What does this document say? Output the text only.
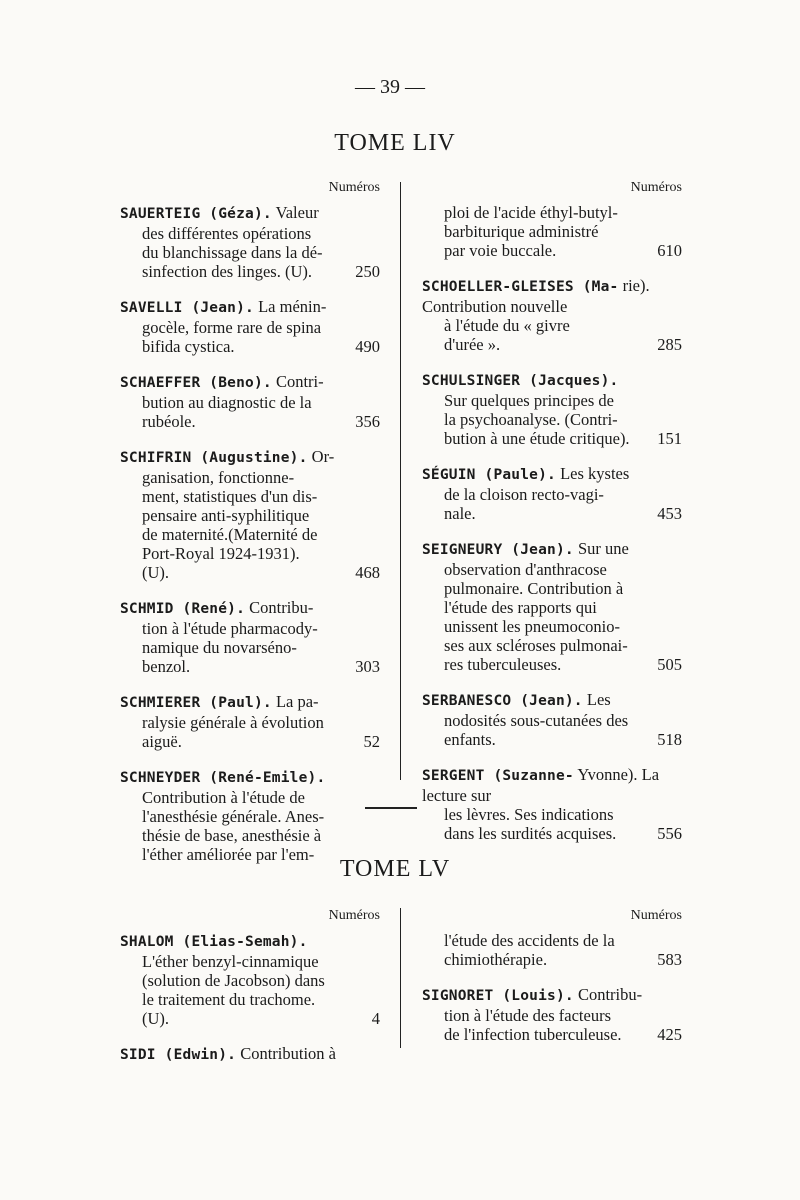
— 39 —
TOME LIV
Numéros

SAUERTEIG (Géza). Valeur

des différentes opérations

du blanchissage dans la dé-

sinfection des linges. (U).	250

SAVELLI (Jean). La ménin-

gocèle, forme rare de spina

bifida cystica.	490

SCHAEFFER (Beno). Contri-

bution au diagnostic de la

rubéole.	356

SCHIFRIN (Augustine). Or-

ganisation, fonctionne-

ment, statistiques d'un dis-

pensaire anti-syphilitique

de maternité.(Maternité de

Port-Royal 1924-1931).

(U).	468

SCHMID (René). Contribu-

tion à l'étude pharmacody-

namique du novarséno-

benzol.	303

SCHMIERER (Paul). La pa-

ralysie générale à évolution

aiguë.	52

SCHNEYDER (René-Emile).

Contribution à l'étude de

l'anesthésie générale. Anes-

thésie de base, anesthésie à

l'éther améliorée par l'em-

Numéros

ploi de l'acide éthyl-butyl-

barbiturique administré

par voie buccale.	610

SCHOELLER-GLEISES (Ma- rie). Contribution nouvelle

à l'étude du « givre

d'urée ».	285

SCHULSINGER (Jacques).

Sur quelques principes de

la psychoanalyse. (Contri-

bution à une étude critique). 151

SÉGUIN (Paule). Les kystes

de la cloison recto-vagi-

nale.	453

SEIGNEURY (Jean). Sur une

observation d'anthracose

pulmonaire. Contribution à

l'étude des rapports qui

unissent les pneumoconio-

ses aux scléroses pulmonai-

res tuberculeuses.	505

SERBANESCO (Jean). Les

nodosités sous-cutanées des

enfants.	518

SERGENT (Suzanne- Yvonne). La lecture sur

les lèvres. Ses indications

dans les surdités acquises. 556

TOME LV
Numéros

SHALOM (Elias-Semah).

L'éther benzyl-cinnamique

(solution de Jacobson) dans

le traitement du trachome.

(U).	4

SIDI (Edwin). Contribution à

Numéros

l'étude des accidents de la

chimiothérapie.	583

SIGNORET (Louis). Contribu-

tion à l'étude des facteurs

de l'infection tuberculeuse. 425
